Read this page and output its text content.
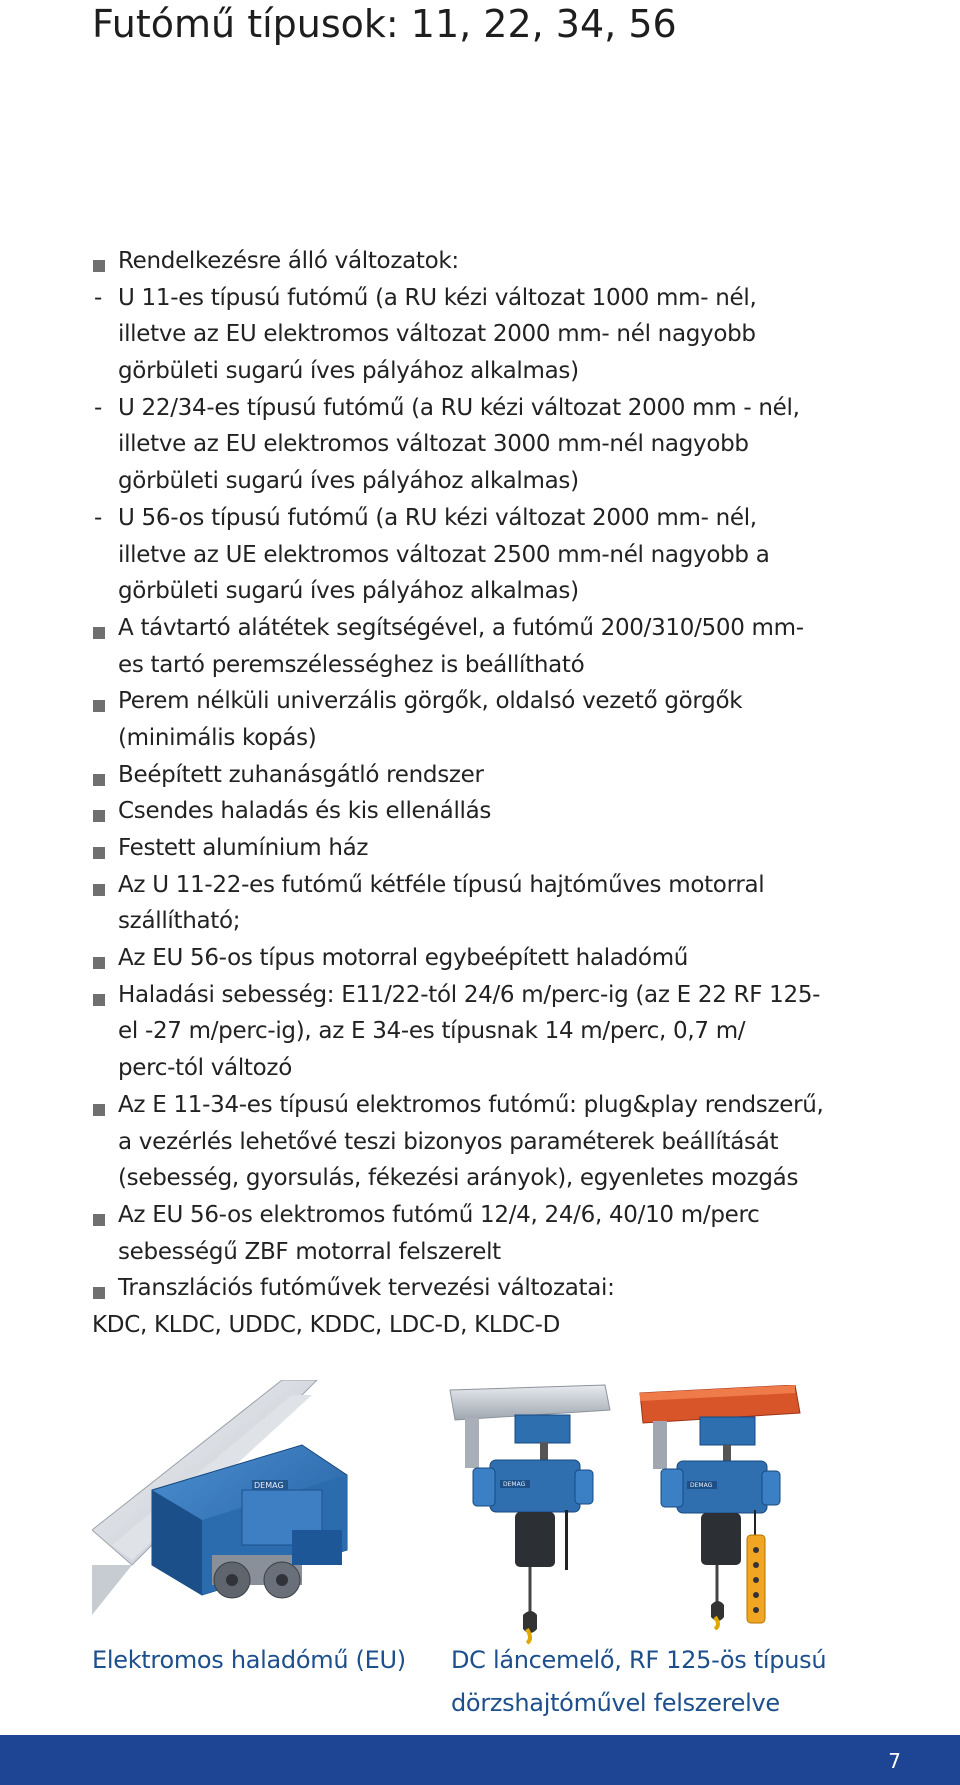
Futómű típusok: 11, 22, 34, 56
Rendelkezésre álló változatok:
- U 11-es típusú futómű (a RU kézi változat 1000 mm- nél,
illetve az EU elektromos változat 2000 mm- nél nagyobb
görbületi sugarú íves pályához alkalmas)
- U 22/34-es típusú futómű (a RU kézi változat 2000 mm - nél,
illetve az EU elektromos változat 3000 mm-nél nagyobb
görbületi sugarú íves pályához alkalmas)
- U 56-os típusú futómű (a RU kézi változat 2000 mm- nél,
illetve az UE elektromos változat 2500 mm-nél nagyobb a
görbületi sugarú íves pályához alkalmas)
A távtartó alátétek segítségével, a futómű 200/310/500 mm-
es tartó peremszélességhez is beállítható
Perem nélküli univerzális görgők, oldalsó vezető görgők
(minimális kopás)
Beépített zuhanásgátló rendszer
Csendes haladás és kis ellenállás
Festett alumínium ház
Az U 11-22-es futómű kétféle típusú hajtóműves motorral
szállítható;
Az EU 56-os típus motorral egybeépített haladómű
Haladási sebesség: E11/22-tól 24/6 m/perc-ig (az E 22 RF 125-
el -27 m/perc-ig), az E 34-es típusnak 14 m/perc, 0,7 m/
perc-tól változó
Az E 11-34-es típusú elektromos futómű: plug&play rendszerű,
a vezérlés lehetővé teszi bizonyos paraméterek beállítását
(sebesség, gyorsulás, fékezési arányok), egyenletes mozgás
Az EU 56-os elektromos futómű 12/4, 24/6, 40/10 m/perc
sebességű ZBF motorral felszerelt
Transzlációs futóművek tervezési változatai:
KDC, KLDC, UDDC, KDDC, LDC-D, KLDC-D
DEMAG	DEMAG	DEMAG
Elektromos haladómű (EU) DC láncemelő, RF 125-ös típusú
dörzshajtóművel felszerelve
7
